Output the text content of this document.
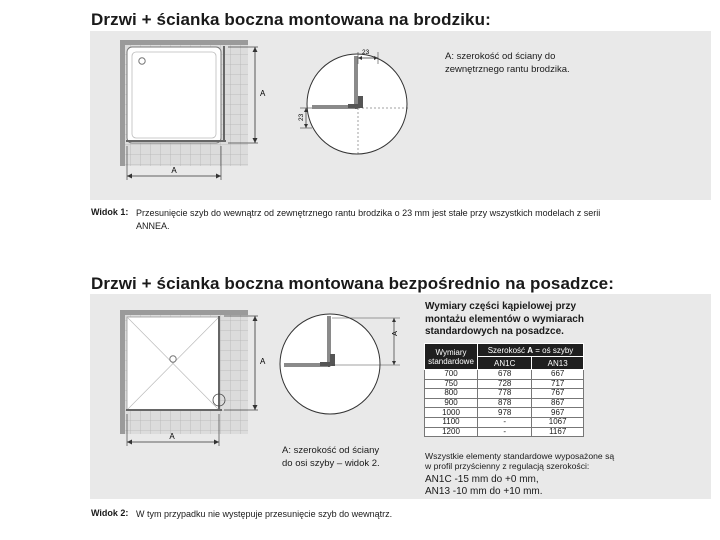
Drzwi + ścianka boczna montowana na brodziku:
A
A
23
23
A: szerokość od ściany do zewnętrznego rantu brodzika.
Widok 1: Przesunięcie szyb do wewnątrz od zewnętrznego rantu brodzika o 23 mm jest stałe przy wszystkich modelach z serii ANNEA.
Drzwi + ścianka boczna montowana bezpośrednio na posadzce:
A
A
A
A: szerokość od ściany do osi szyby – widok 2.
Wymiary części kąpielowej przy montażu elementów o wymiarach standardowych na posadzce.
Wymiary standardowe	Szerokość A = oś szyby	
	AN1C	AN13
700	678	667
750	728	717
800	778	767
900	878	867
1000	978	967
1100	-	1067
1200	-	1167
Wszystkie elementy standardowe wyposażone są w profil przyścienny z regulacją szerokości:
AN1C -15 mm do +0 mm,
AN13 -10 mm do +10 mm.
Widok 2: W tym przypadku nie występuje przesunięcie szyb do wewnątrz.
